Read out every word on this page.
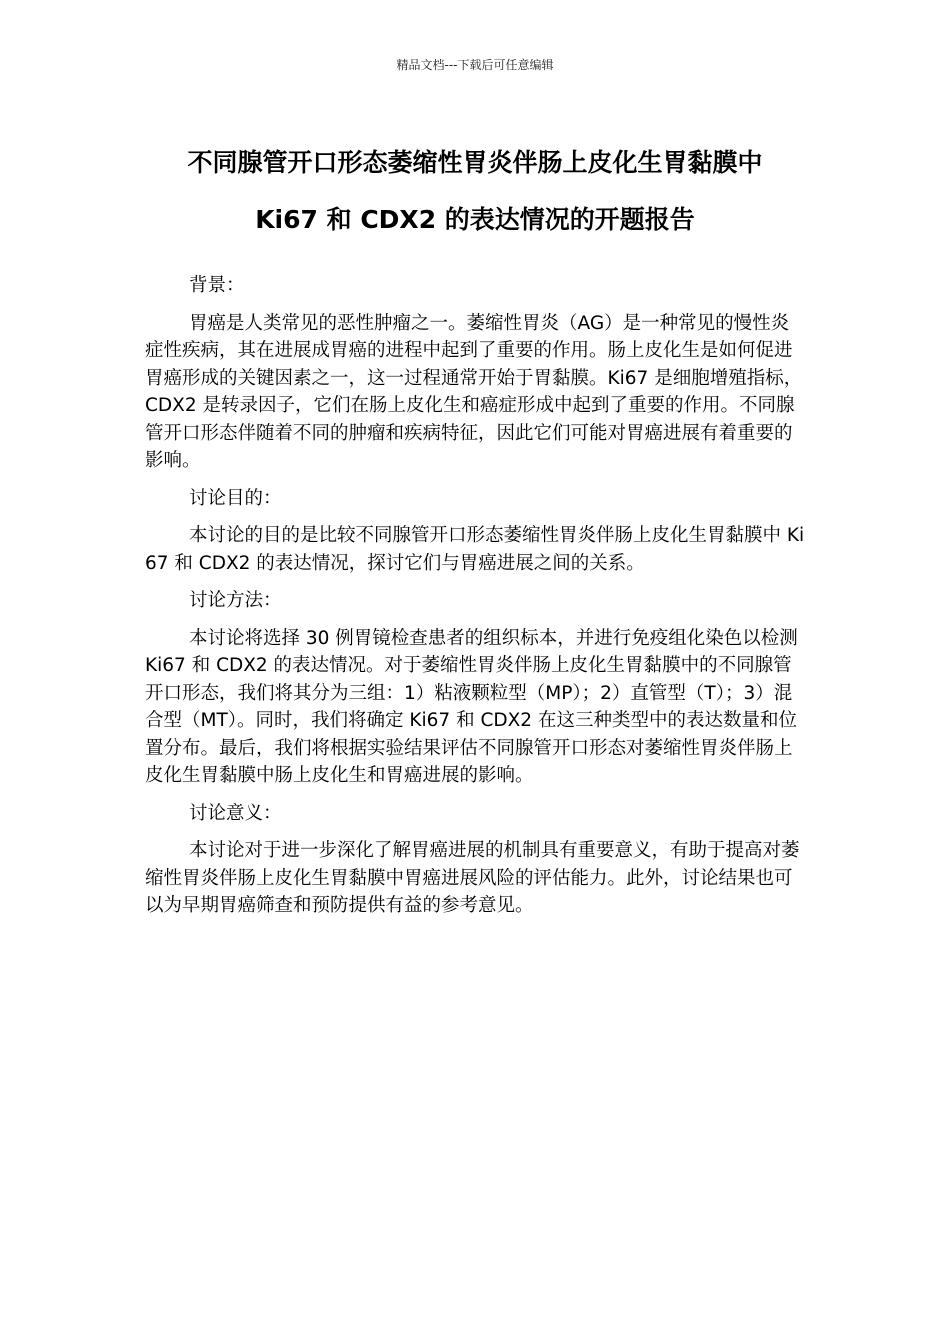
精品文档---下载后可任意编辑
不同腺管开口形态萎缩性胃炎伴肠上皮化生胃黏膜中
Ki67 和 CDX2 的表达情况的开题报告

背景：

胃癌是人类常见的恶性肿瘤之一。萎缩性胃炎（AG）是一种常见的慢性炎症性疾病，其在进展成胃癌的进程中起到了重要的作用。肠上皮化生是如何促进胃癌形成的关键因素之一，这一过程通常开始于胃黏膜。Ki67 是细胞增殖指标，CDX2 是转录因子，它们在肠上皮化生和癌症形成中起到了重要的作用。不同腺管开口形态伴随着不同的肿瘤和疾病特征，因此它们可能对胃癌进展有着重要的影响。

讨论目的：

本讨论的目的是比较不同腺管开口形态萎缩性胃炎伴肠上皮化生胃黏膜中 Ki67 和 CDX2 的表达情况，探讨它们与胃癌进展之间的关系。

讨论方法：

本讨论将选择 30 例胃镜检查患者的组织标本，并进行免疫组化染色以检测 Ki67 和 CDX2 的表达情况。对于萎缩性胃炎伴肠上皮化生胃黏膜中的不同腺管开口形态，我们将其分为三组：1）粘液颗粒型（MP）；2）直管型（T）；3）混合型（MT）。同时，我们将确定 Ki67 和 CDX2 在这三种类型中的表达数量和位置分布。最后，我们将根据实验结果评估不同腺管开口形态对萎缩性胃炎伴肠上皮化生胃黏膜中肠上皮化生和胃癌进展的影响。

讨论意义：

本讨论对于进一步深化了解胃癌进展的机制具有重要意义，有助于提高对萎缩性胃炎伴肠上皮化生胃黏膜中胃癌进展风险的评估能力。此外，讨论结果也可以为早期胃癌筛查和预防提供有益的参考意见。
